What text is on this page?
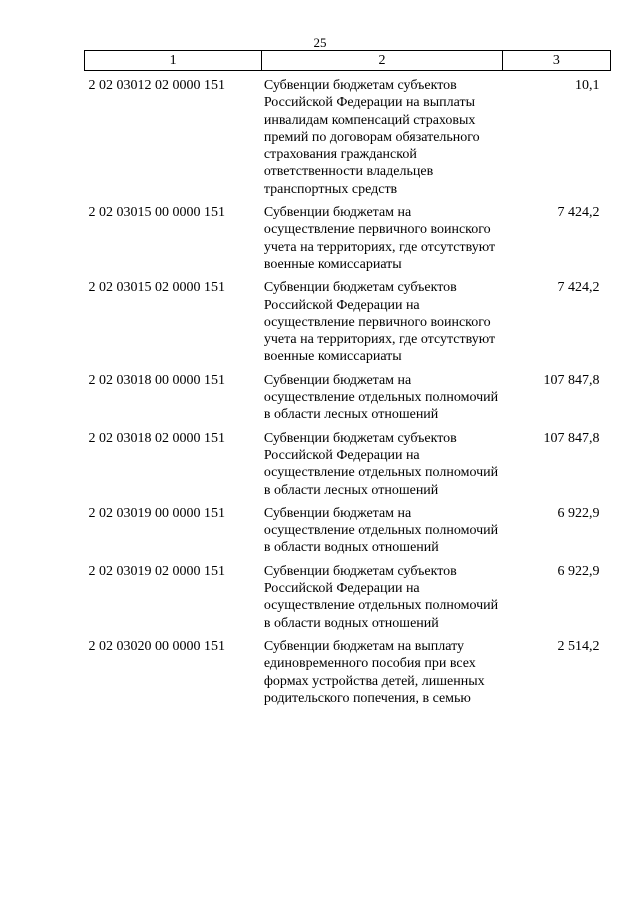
25
1	2	3
2 02 03012 02 0000 151	Субвенции бюджетам субъектов Российской Федерации на выплаты инвалидам компенсаций страховых премий по договорам обязательного страхования гражданской ответственности владельцев транспортных средств	10,1
2 02 03015 00 0000 151	Субвенции бюджетам на осуществление первичного воинского учета на территориях, где отсутствуют военные комиссариаты	7 424,2
2 02 03015 02 0000 151	Субвенции бюджетам субъектов Российской Федерации на осуществление первичного воинского учета на территориях, где отсутствуют военные комиссариаты	7 424,2
2 02 03018 00 0000 151	Субвенции бюджетам на осуществление отдельных полномочий в области лесных отношений	107 847,8
2 02 03018 02 0000 151	Субвенции бюджетам субъектов Российской Федерации на осуществление отдельных полномочий в области лесных отношений	107 847,8
2 02 03019 00 0000 151	Субвенции бюджетам на осуществление отдельных полномочий в области водных отношений	6 922,9
2 02 03019 02 0000 151	Субвенции бюджетам субъектов Российской Федерации на осуществление отдельных полномочий в области водных отношений	6 922,9
2 02 03020 00 0000 151	Субвенции бюджетам на выплату единовременного пособия при всех формах устройства детей, лишенных родительского попечения, в семью	2 514,2
